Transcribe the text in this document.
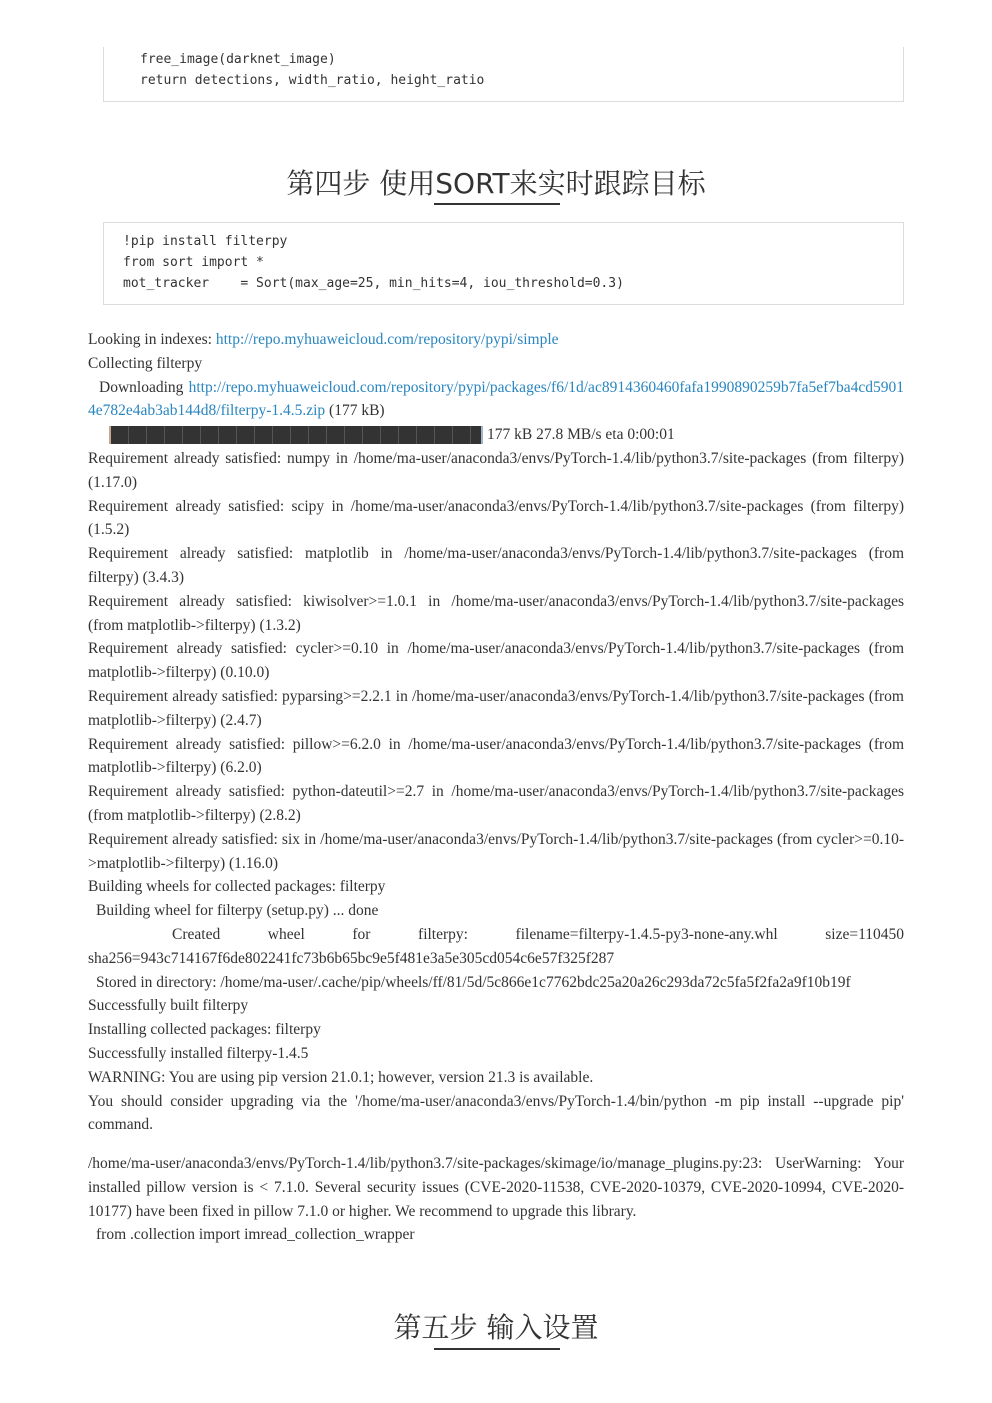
free_image(darknet_image)
return detections, width_ratio, height_ratio
第四步 使用SORT来实时跟踪目标
!pip install filterpy
from sort import *
mot_tracker    = Sort(max_age=25, min_hits=4, iou_threshold=0.3)

Looking in indexes: http://repo.myhuaweicloud.com/repository/pypi/simple

Collecting filterpy

Downloading http://repo.myhuaweicloud.com/repository/pypi/packages/f6/1d/ac8914360460fafa1990890259b7fa5ef7ba4cd59014e782e4ab3ab144d8/filterpy-1.4.5.zip (177 kB)

177 kB 27.8 MB/s eta 0:00:01

Requirement already satisfied: numpy in /home/ma-user/anaconda3/envs/PyTorch-1.4/lib/python3.7/site-packages (from filterpy) (1.17.0)

Requirement already satisfied: scipy in /home/ma-user/anaconda3/envs/PyTorch-1.4/lib/python3.7/site-packages (from filterpy) (1.5.2)

Requirement already satisfied: matplotlib in /home/ma-user/anaconda3/envs/PyTorch-1.4/lib/python3.7/site-packages (from filterpy) (3.4.3)

Requirement already satisfied: kiwisolver>=1.0.1 in /home/ma-user/anaconda3/envs/PyTorch-1.4/lib/python3.7/site-packages (from matplotlib->filterpy) (1.3.2)

Requirement already satisfied: cycler>=0.10 in /home/ma-user/anaconda3/envs/PyTorch-1.4/lib/python3.7/site-packages (from matplotlib->filterpy) (0.10.0)

Requirement already satisfied: pyparsing>=2.2.1 in /home/ma-user/anaconda3/envs/PyTorch-1.4/lib/python3.7/site-packages (from matplotlib->filterpy) (2.4.7)

Requirement already satisfied: pillow>=6.2.0 in /home/ma-user/anaconda3/envs/PyTorch-1.4/lib/python3.7/site-packages (from matplotlib->filterpy) (6.2.0)

Requirement already satisfied: python-dateutil>=2.7 in /home/ma-user/anaconda3/envs/PyTorch-1.4/lib/python3.7/site-packages (from matplotlib->filterpy) (2.8.2)

Requirement already satisfied: six in /home/ma-user/anaconda3/envs/PyTorch-1.4/lib/python3.7/site-packages (from cycler>=0.10->matplotlib->filterpy) (1.16.0)

Building wheels for collected packages: filterpy

Building wheel for filterpy (setup.py) ... done

Created wheel for filterpy: filename=filterpy-1.4.5-py3-none-any.whl size=110450

sha256=943c714167f6de802241fc73b6b65bc9e5f481e3a5e305cd054c6e57f325f287

Stored in directory: /home/ma-user/.cache/pip/wheels/ff/81/5d/5c866e1c7762bdc25a20a26c293da72c5fa5f2fa2a9f10b19f

Successfully built filterpy

Installing collected packages: filterpy

Successfully installed filterpy-1.4.5

WARNING: You are using pip version 21.0.1; however, version 21.3 is available.

You should consider upgrading via the '/home/ma-user/anaconda3/envs/PyTorch-1.4/bin/python -m pip install --upgrade pip' command.

/home/ma-user/anaconda3/envs/PyTorch-1.4/lib/python3.7/site-packages/skimage/io/manage_plugins.py:23: UserWarning: Your installed pillow version is < 7.1.0. Several security issues (CVE-2020-11538, CVE-2020-10379, CVE-2020-10994, CVE-2020-10177) have been fixed in pillow 7.1.0 or higher. We recommend to upgrade this library.

from .collection import imread_collection_wrapper

第五步 输入设置
